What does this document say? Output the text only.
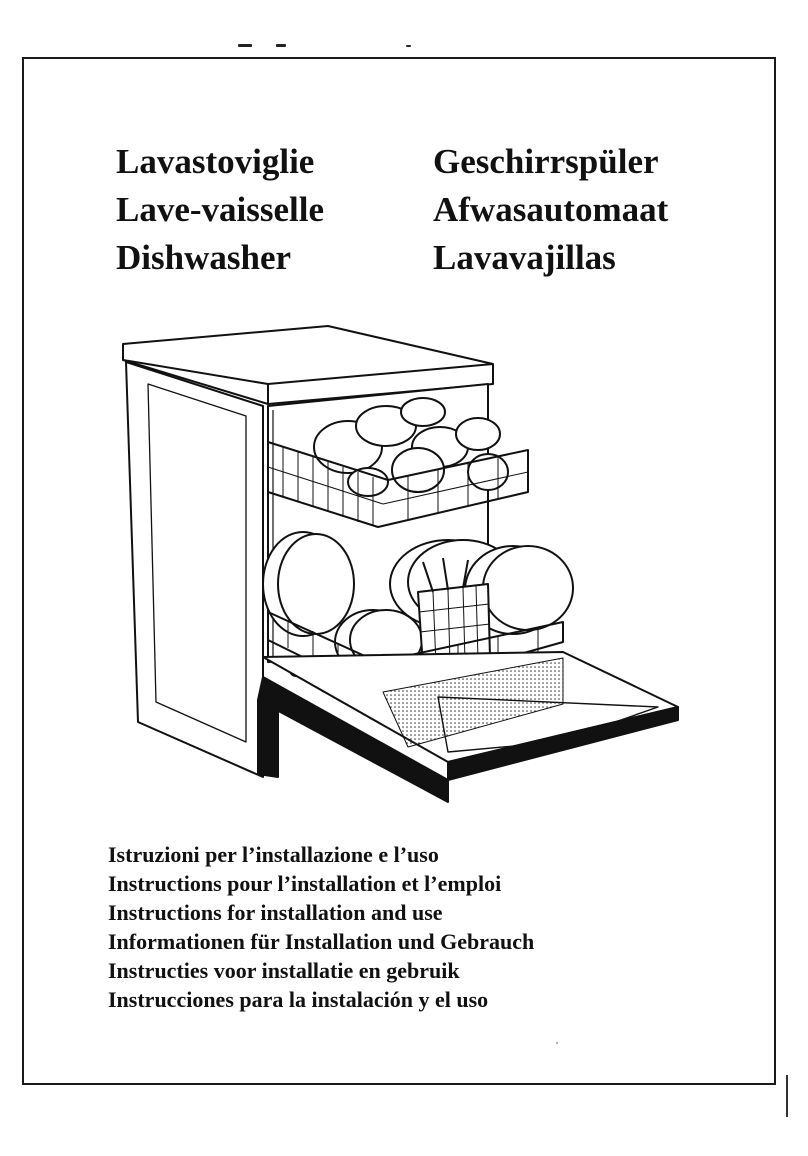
Lavastoviglie
Lave-vaisselle
Dishwasher
Geschirrspüler
Afwasautomaat
Lavavajillas
Istruzioni per l’installazione e l’uso
Instructions pour l’installation et l’emploi
Instructions for installation and use
Informationen für Installation und Gebrauch
Instructies voor installatie en gebruik
Instrucciones para la instalación y el uso
